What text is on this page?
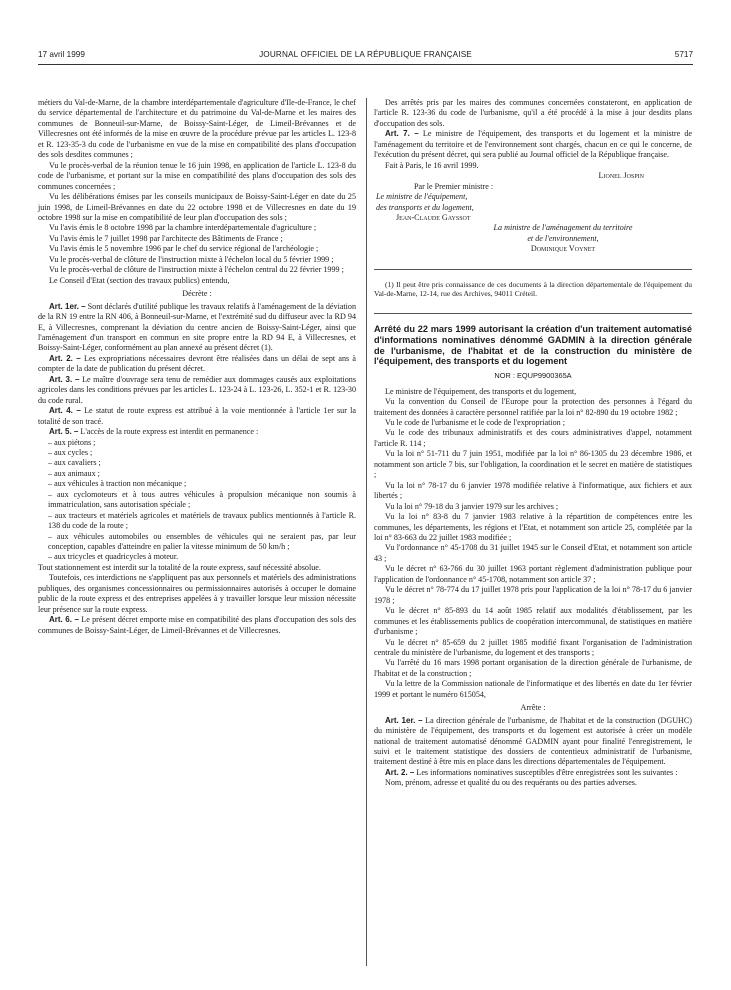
17 avril 1999	JOURNAL OFFICIEL DE LA RÉPUBLIQUE FRANÇAISE	5717

métiers du Val-de-Marne, de la chambre interdépartementale d'agriculture d'Ile-de-France, le chef du service départemental de l'architecture et du patrimoine du Val-de-Marne et les maires des communes de Bonneuil-sur-Marne, de Boissy-Saint-Léger, de Limeil-Brévannes et de Villecresnes ont été informés de la mise en œuvre de la procédure prévue par les articles L. 123-8 et R. 123-35-3 du code de l'urbanisme en vue de la mise en compatibilité des plans d'occupation des sols desdites communes ;

Vu le procès-verbal de la réunion tenue le 16 juin 1998, en application de l'article L. 123-8 du code de l'urbanisme, et portant sur la mise en compatibilité des plans d'occupation des sols des communes concernées ;

Vu les délibérations émises par les conseils municipaux de Boissy-Saint-Léger en date du 25 juin 1998, de Limeil-Brévannes en date du 22 octobre 1998 et de Villecresnes en date du 19 octobre 1998 sur la mise en compatibilité de leur plan d'occupation des sols ;

Vu l'avis émis le 8 octobre 1998 par la chambre interdépartementale d'agriculture ;

Vu l'avis émis le 7 juillet 1998 par l'architecte des Bâtiments de France ;

Vu l'avis émis le 5 novembre 1996 par le chef du service régional de l'archéologie ;

Vu le procès-verbal de clôture de l'instruction mixte à l'échelon local du 5 février 1999 ;

Vu le procès-verbal de clôture de l'instruction mixte à l'échelon central du 22 février 1999 ;

Le Conseil d'Etat (section des travaux publics) entendu,

Décrète :

Art. 1er. – Sont déclarés d'utilité publique les travaux relatifs à l'aménagement de la déviation de la RN 19 entre la RN 406, à Bonneuil-sur-Marne, et l'extrémité sud du diffuseur avec la RD 94 E, à Villecresnes, comprenant la déviation du centre ancien de Boissy-Saint-Léger, ainsi que l'aménagement d'un transport en commun en site propre entre la RD 94 E, à Villecresnes, et Boissy-Saint-Léger, conformément au plan annexé au présent décret (1).

Art. 2. – Les expropriations nécessaires devront être réalisées dans un délai de sept ans à compter de la date de publication du présent décret.

Art. 3. – Le maître d'ouvrage sera tenu de remédier aux dommages causés aux exploitations agricoles dans les conditions prévues par les articles L. 123-24 à L. 123-26, L. 352-1 et R. 123-30 du code rural.

Art. 4. – Le statut de route express est attribué à la voie mentionnée à l'article 1er sur la totalité de son tracé.

Art. 5. – L'accès de la route express est interdit en permanence :

– aux piétons ;

– aux cycles ;

– aux cavaliers ;

– aux animaux ;

– aux véhicules à traction non mécanique ;

– aux cyclomoteurs et à tous autres véhicules à propulsion mécanique non soumis à immatriculation, sans autorisation spéciale ;

– aux tracteurs et matériels agricoles et matériels de travaux publics mentionnés à l'article R. 138 du code de la route ;

– aux véhicules automobiles ou ensembles de véhicules qui ne seraient pas, par leur conception, capables d'atteindre en palier la vitesse minimum de 50 km/h ;

– aux tricycles et quadricycles à moteur.

Tout stationnement est interdit sur la totalité de la route express, sauf nécessité absolue.

Toutefois, ces interdictions ne s'appliquent pas aux personnels et matériels des administrations publiques, des organismes concessionnaires ou permissionnaires autorisés à occuper le domaine public de la route express et des entreprises appelées à y travailler lorsque leur mission nécessite leur présence sur la route express.

Art. 6. – Le présent décret emporte mise en compatibilité des plans d'occupation des sols des communes de Boissy-Saint-Léger, de Limeil-Brévannes et de Villecresnes.

Des arrêtés pris par les maires des communes concernées constateront, en application de l'article R. 123-36 du code de l'urbanisme, qu'il a été procédé à la mise à jour desdits plans d'occupation des sols.

Art. 7. – Le ministre de l'équipement, des transports et du logement et la ministre de l'aménagement du territoire et de l'environnement sont chargés, chacun en ce qui le concerne, de l'exécution du présent décret, qui sera publié au Journal officiel de la République française.

Fait à Paris, le 16 avril 1999.

Lionel Jospin

Par le Premier ministre :

Le ministre de l'équipement,

des transports et du logement,

Jean-Claude Gayssot

La ministre de l'aménagement du territoire

et de l'environnement,

Dominique Voynet

(1) Il peut être pris connaissance de ces documents à la direction départementale de l'équipement du Val-de-Marne, 12-14, rue des Archives, 94011 Créteil.

Arrêté du 22 mars 1999 autorisant la création d'un traitement automatisé d'informations nominatives dénommé GADMIN à la direction générale de l'urbanisme, de l'habitat et de la construction du ministère de l'équipement, des transports et du logement

NOR : EQUP9900365A

Le ministre de l'équipement, des transports et du logement,

Vu la convention du Conseil de l'Europe pour la protection des personnes à l'égard du traitement des données à caractère personnel ratifiée par la loi n° 82-890 du 19 octobre 1982 ;

Vu le code de l'urbanisme et le code de l'expropriation ;

Vu le code des tribunaux administratifs et des cours administratives d'appel, notamment l'article R. 114 ;

Vu la loi n° 51-711 du 7 juin 1951, modifiée par la loi n° 86-1305 du 23 décembre 1986, et notamment son article 7 bis, sur l'obligation, la coordination et le secret en matière de statistiques ;

Vu la loi n° 78-17 du 6 janvier 1978 modifiée relative à l'informatique, aux fichiers et aux libertés ;

Vu la loi n° 79-18 du 3 janvier 1979 sur les archives ;

Vu la loi n° 83-8 du 7 janvier 1983 relative à la répartition de compétences entre les communes, les départements, les régions et l'Etat, et notamment son article 25, complétée par la loi n° 83-663 du 22 juillet 1983 modifiée ;

Vu l'ordonnance n° 45-1708 du 31 juillet 1945 sur le Conseil d'Etat, et notamment son article 43 ;

Vu le décret n° 63-766 du 30 juillet 1963 portant règlement d'administration publique pour l'application de l'ordonnance n° 45-1708, notamment son article 37 ;

Vu le décret n° 78-774 du 17 juillet 1978 pris pour l'application de la loi n° 78-17 du 6 janvier 1978 ;

Vu le décret n° 85-893 du 14 août 1985 relatif aux modalités d'établissement, par les communes et les établissements publics de coopération intercommunal, de statistiques en matière d'urbanisme ;

Vu le décret n° 85-659 du 2 juillet 1985 modifié fixant l'organisation de l'administration centrale du ministère de l'urbanisme, du logement et des transports ;

Vu l'arrêté du 16 mars 1998 portant organisation de la direction générale de l'urbanisme, de l'habitat et de la construction ;

Vu la lettre de la Commission nationale de l'informatique et des libertés en date du 1er février 1999 et portant le numéro 615054,

Arrête :

Art. 1er. – La direction générale de l'urbanisme, de l'habitat et de la construction (DGUHC) du ministère de l'équipement, des transports et du logement est autorisée à créer un modèle national de traitement automatisé dénommé GADMIN ayant pour finalité l'enregistrement, le suivi et le traitement statistique des dossiers de contentieux administratif de l'urbanisme, traitement destiné à être mis en place dans les directions départementales de l'équipement.

Art. 2. – Les informations nominatives susceptibles d'être enregistrées sont les suivantes :

Nom, prénom, adresse et qualité du ou des requérants ou des parties adverses.
